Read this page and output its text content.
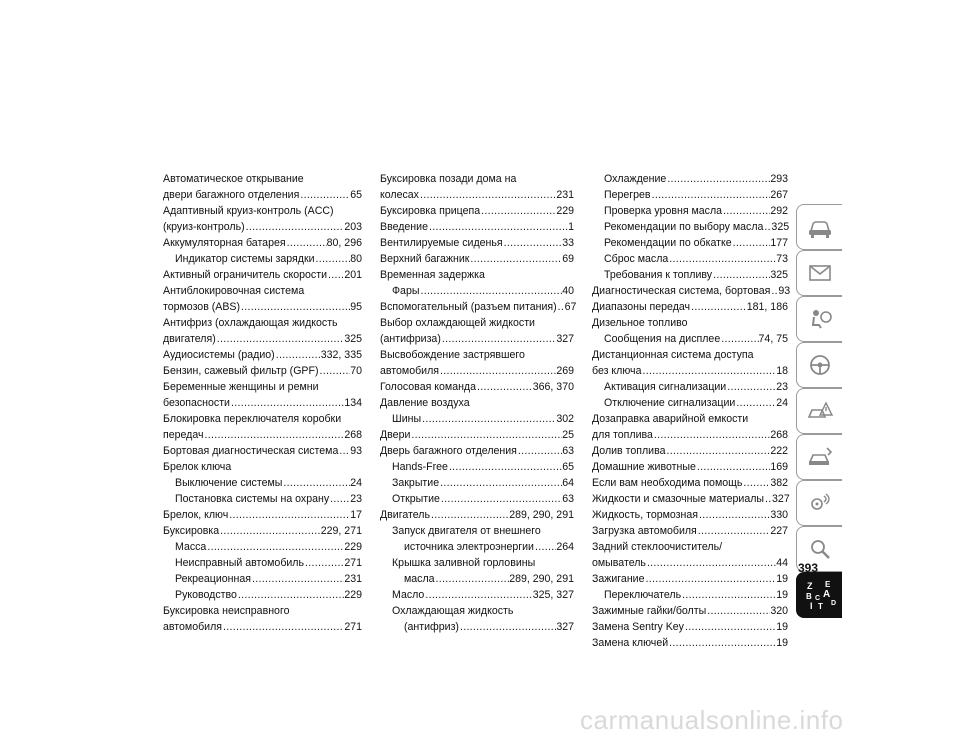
Автоматическое открывание
двери багажного отделения .....	65
Адаптивный круиз-контроль (ACC)
(круиз-контроль) .....	203
Аккумуляторная батарея .....	80, 296
Индикатор системы зарядки .....	80
Активный ограничитель скорости ..... 201
Антиблокировочная система
тормозов (ABS) .....	95
Антифриз (охлаждающая жидкость
двигателя) .....	325
Аудиосистемы (радио) .....	332, 335
Бензин, сажевый фильтр (GPF) .....	70
Беременные женщины и ремни
безопасности .....	134
Блокировка переключателя коробки
передач .....	268
Бортовая диагностическая система ..... 93
Брелок ключа
Выключение системы .....	24
Постановка системы на охрану ..... 23
Брелок, ключ .....	17
Буксировка .....	229, 271
Масса .....	229
Неисправный автомобиль .....	271
Рекреационная .....	231
Руководство .....	229
Буксировка неисправного
автомобиля .....	271
Буксировка позади дома на
колесах .....	231
Буксировка прицепа .....	229
Введение .....	1
Вентилируемые сиденья .....	33
Верхний багажник .....	69
Временная задержка
Фары .....	40
Вспомогательный (разъем питания) ..... 67
Выбор охлаждающей жидкости
(антифриза) .....	327
Высвобождение застрявшего
автомобиля .....	269
Голосовая команда .....	366, 370
Давление воздуха
Шины .....	302
Двери .....	25
Дверь багажного отделения .....	63
Hands-Free .....	65
Закрытие .....	64
Открытие .....	63
Двигатель .....	289, 290, 291
Запуск двигателя от внешнего
источника электроэнергии ..... 264
Крышка заливной горловины
масла .....	289, 290, 291
Масло .....	325, 327
Охлаждающая жидкость
(антифриз) .....	327
Охлаждение .....	293
Перегрев .....	267
Проверка уровня масла .....	292
Рекомендации по выбору масла ..... 325
Рекомендации по обкатке .....	177
Сброс масла .....	73
Требования к топливу .....	325
Диагностическая система, бортовая ..... 93
Диапазоны передач .....	181, 186
Дизельное топливо
Сообщения на дисплее .....	74, 75
Дистанционная система доступа
без ключа .....	18
Активация сигнализации .....	23
Отключение сигнализации .....	24
Дозаправка аварийной емкости
для топлива .....	268
Долив топлива .....	222
Домашние животные .....	169
Если вам необходима помощь .....	382
Жидкости и смазочные материалы ..... 327
Жидкость, тормозная .....	330
Загрузка автомобиля .....	227
Задний стеклоочиститель/
омыватель .....	44
Зажигание .....	19
Переключатель .....	19
Зажимные гайки/болты .....	320
Замена Sentry Key .....	19
Замена ключей .....	19
Z E
B A
C
D
I T
393
carmanualsonline.info
